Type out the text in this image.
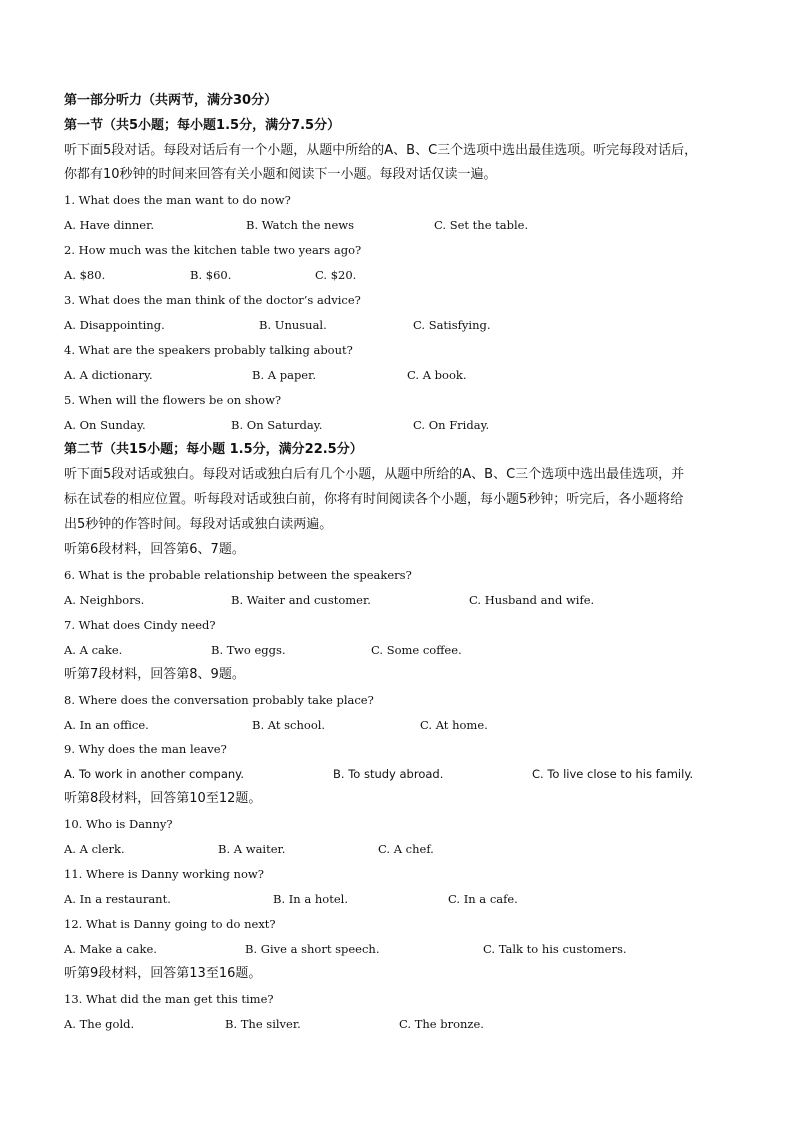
第一部分听力（共两节，满分30分）
第一节（共5小题；每小题1.5分，满分7.5分）
听下面5段对话。每段对话后有一个小题，从题中所给的A、B、C三个选项中选出最佳选项。听完每段对话后，
你都有10秒钟的时间来回答有关小题和阅读下一小题。每段对话仅读一遍。
1. What does the man want to do now?
A. Have dinner.	B. Watch the news	C. Set the table.
2. How much was the kitchen table two years ago?
A. $80.	B. $60.	C. $20.
3. What does the man think of the doctor’s advice?
A. Disappointing.	B. Unusual.	C. Satisfying.
4. What are the speakers probably talking about?
A. A dictionary.	B. A paper.	C. A book.
5. When will the flowers be on show?
A. On Sunday.	B. On Saturday.	C. On Friday.
第二节（共15小题；每小题 1.5分，满分22.5分）
听下面5段对话或独白。每段对话或独白后有几个小题，从题中所给的A、B、C三个选项中选出最佳选项，并
标在试卷的相应位置。听每段对话或独白前，你将有时间阅读各个小题，每小题5秒钟；听完后，各小题将给
出5秒钟的作答时间。每段对话或独白读两遍。
听第6段材料，回答第6、7题。
6. What is the probable relationship between the speakers?
A. Neighbors.	B. Waiter and customer.	C. Husband and wife.
7. What does Cindy need?
A. A cake.	B. Two eggs.	C. Some coffee.
听第7段材料，回答第8、9题。
8. Where does the conversation probably take place?
A. In an office.	B. At school.	C. At home.
9. Why does the man leave?
A. To work in another company.	B. To study abroad.	C. To live close to his family.
听第8段材料，回答第10至12题。
10. Who is Danny?
A. A clerk.	B. A waiter.	C. A chef.
11. Where is Danny working now?
A. In a restaurant.	B. In a hotel.	C. In a cafe.
12. What is Danny going to do next?
A. Make a cake.	B. Give a short speech.	C. Talk to his customers.
听第9段材料，回答第13至16题。
13. What did the man get this time?
A. The gold.	B. The silver.	C. The bronze.
